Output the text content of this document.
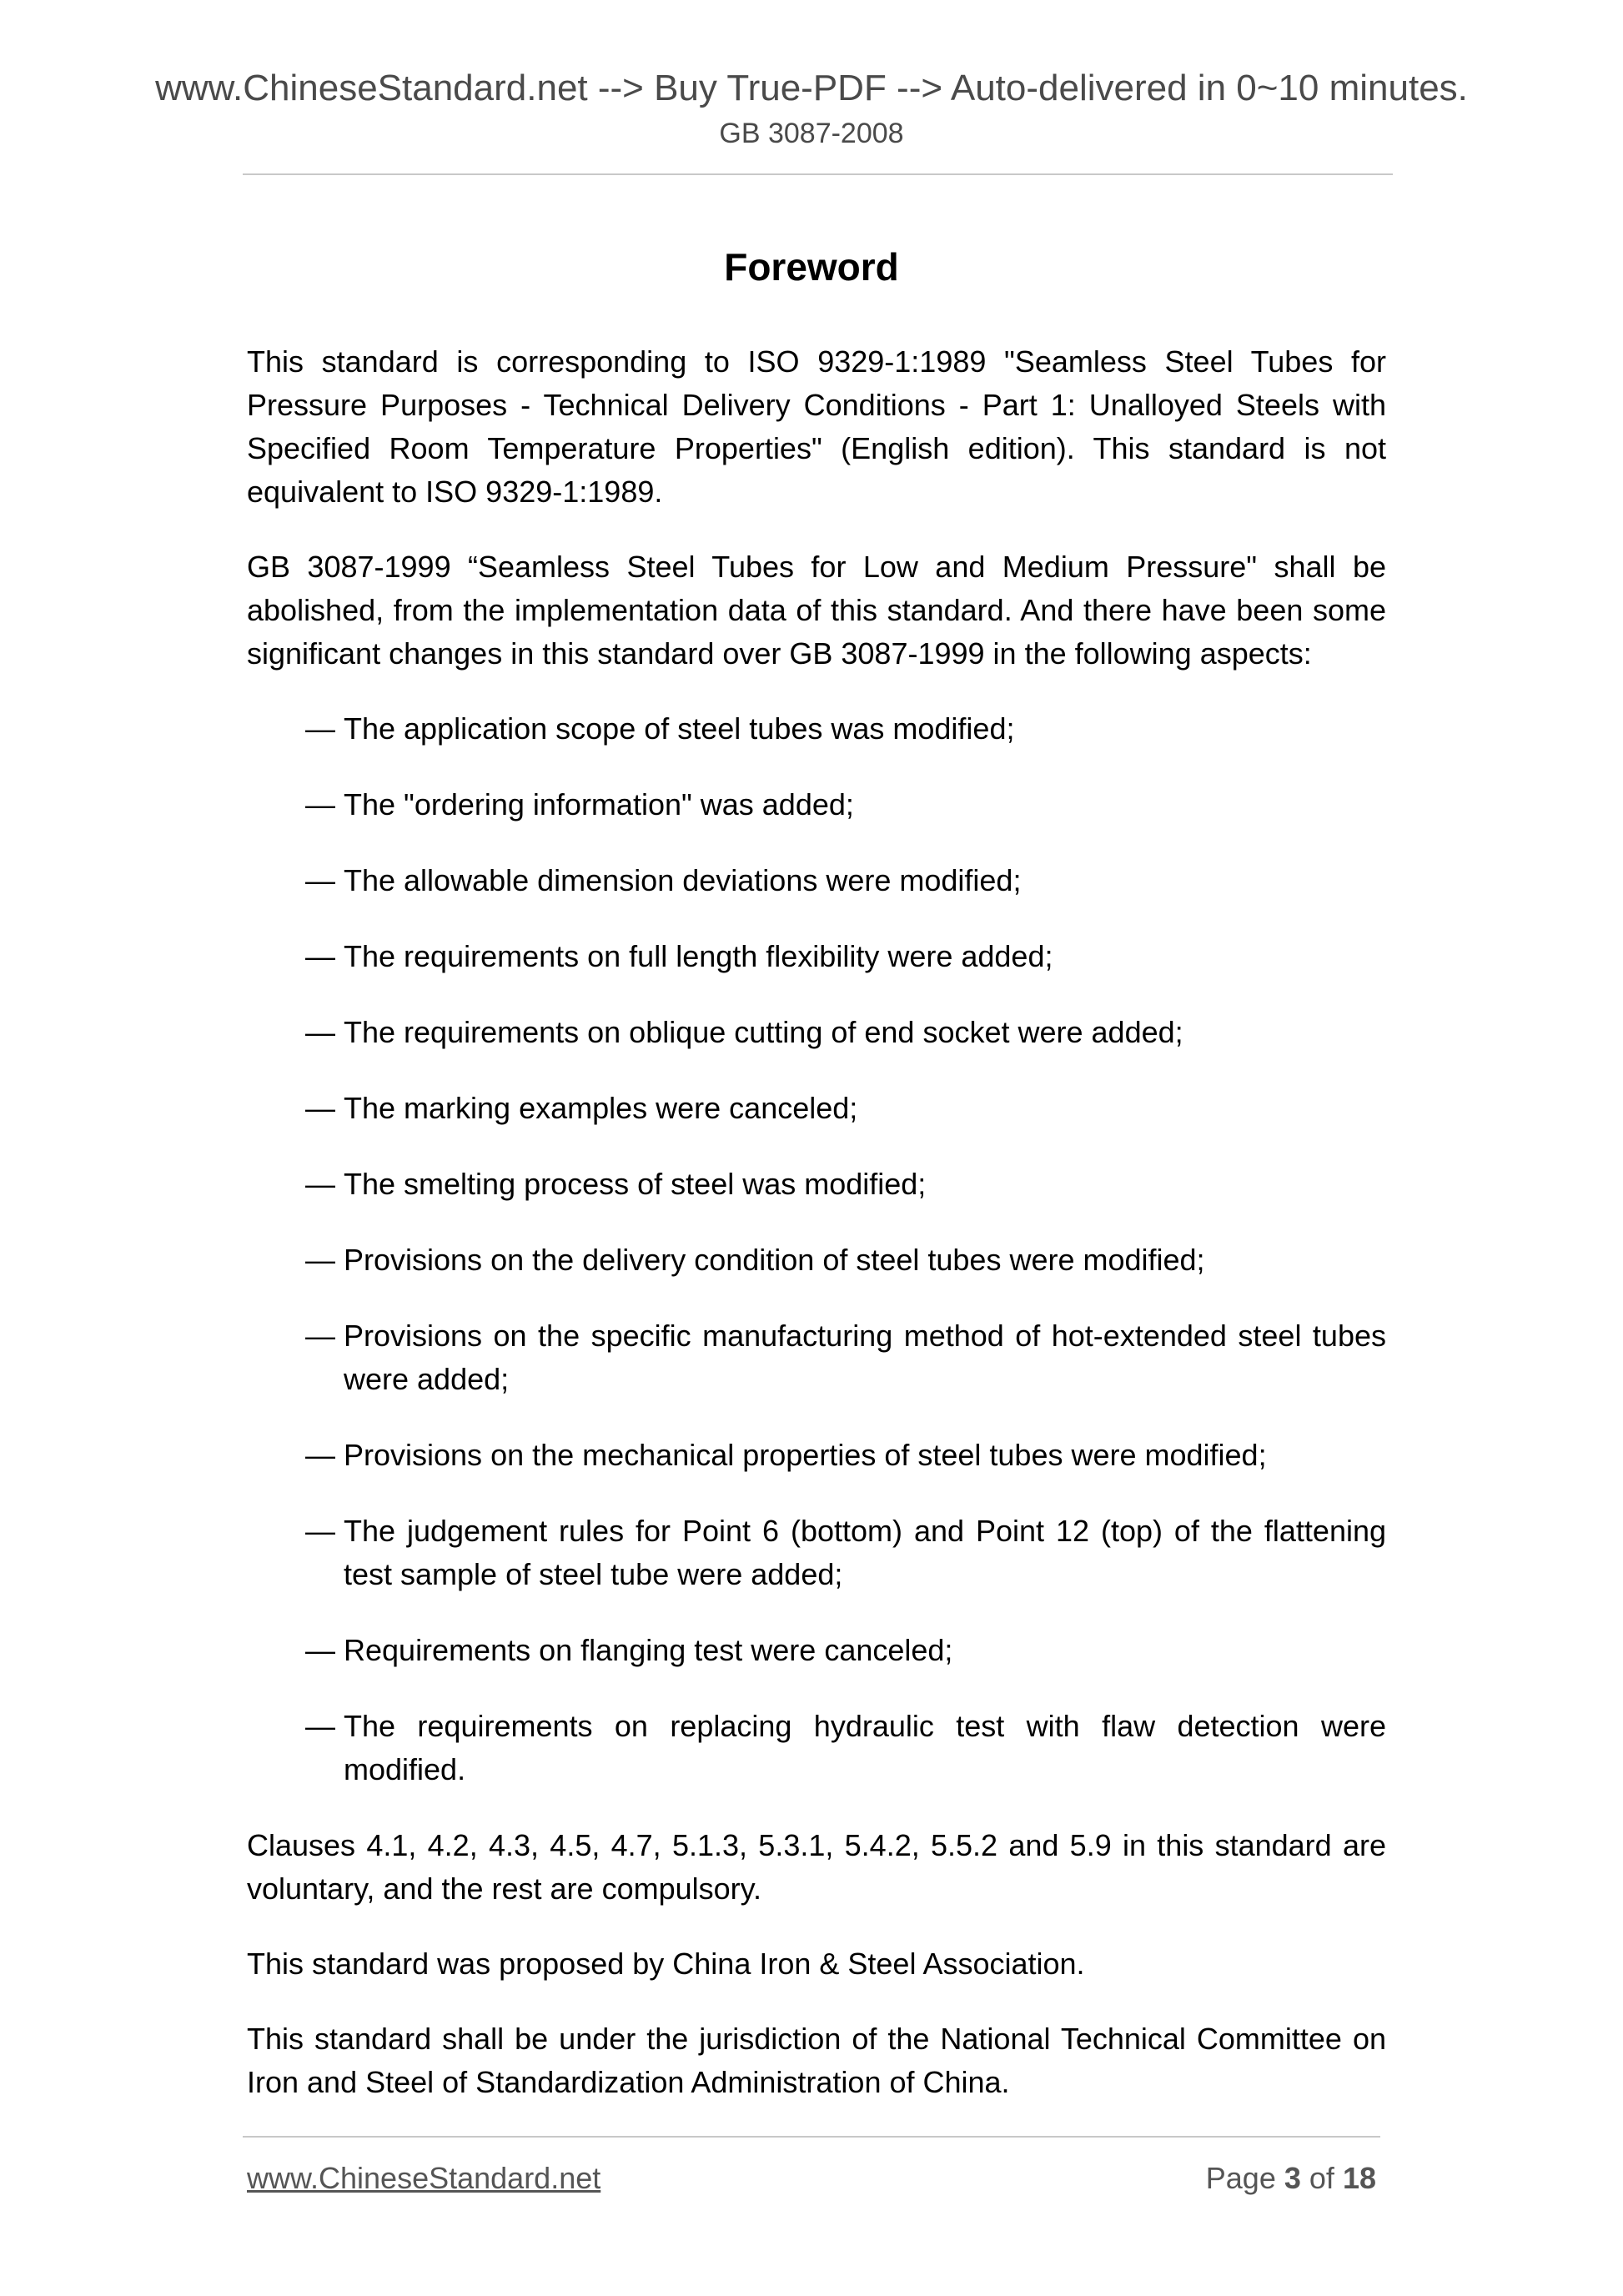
www.ChineseStandard.net --> Buy True-PDF --> Auto-delivered in 0~10 minutes.
GB 3087-2008
Foreword

This standard is corresponding to ISO 9329-1:1989 "Seamless Steel Tubes for Pressure Purposes - Technical Delivery Conditions - Part 1: Unalloyed Steels with Specified Room Temperature Properties" (English edition). This standard is not equivalent to ISO 9329-1:1989.

GB 3087-1999 “Seamless Steel Tubes for Low and Medium Pressure" shall be abolished, from the implementation data of this standard. And there have been some significant changes in this standard over GB 3087-1999 in the following aspects:

— The application scope of steel tubes was modified;
— The "ordering information" was added;
— The allowable dimension deviations were modified;
— The requirements on full length flexibility were added;
— The requirements on oblique cutting of end socket were added;
— The marking examples were canceled;
— The smelting process of steel was modified;
— Provisions on the delivery condition of steel tubes were modified;
— Provisions on the specific manufacturing method of hot-extended steel tubes were added;
— Provisions on the mechanical properties of steel tubes were modified;
— The judgement rules for Point 6 (bottom) and Point 12 (top) of the flattening test sample of steel tube were added;
— Requirements on flanging test were canceled;
— The requirements on replacing hydraulic test with flaw detection were modified.

Clauses 4.1, 4.2, 4.3, 4.5, 4.7, 5.1.3, 5.3.1, 5.4.2, 5.5.2 and 5.9 in this standard are voluntary, and the rest are compulsory.

This standard was proposed by China Iron & Steel Association.

This standard shall be under the jurisdiction of the National Technical Committee on Iron and Steel of Standardization Administration of China.

www.ChineseStandard.net	Page 3 of 18
